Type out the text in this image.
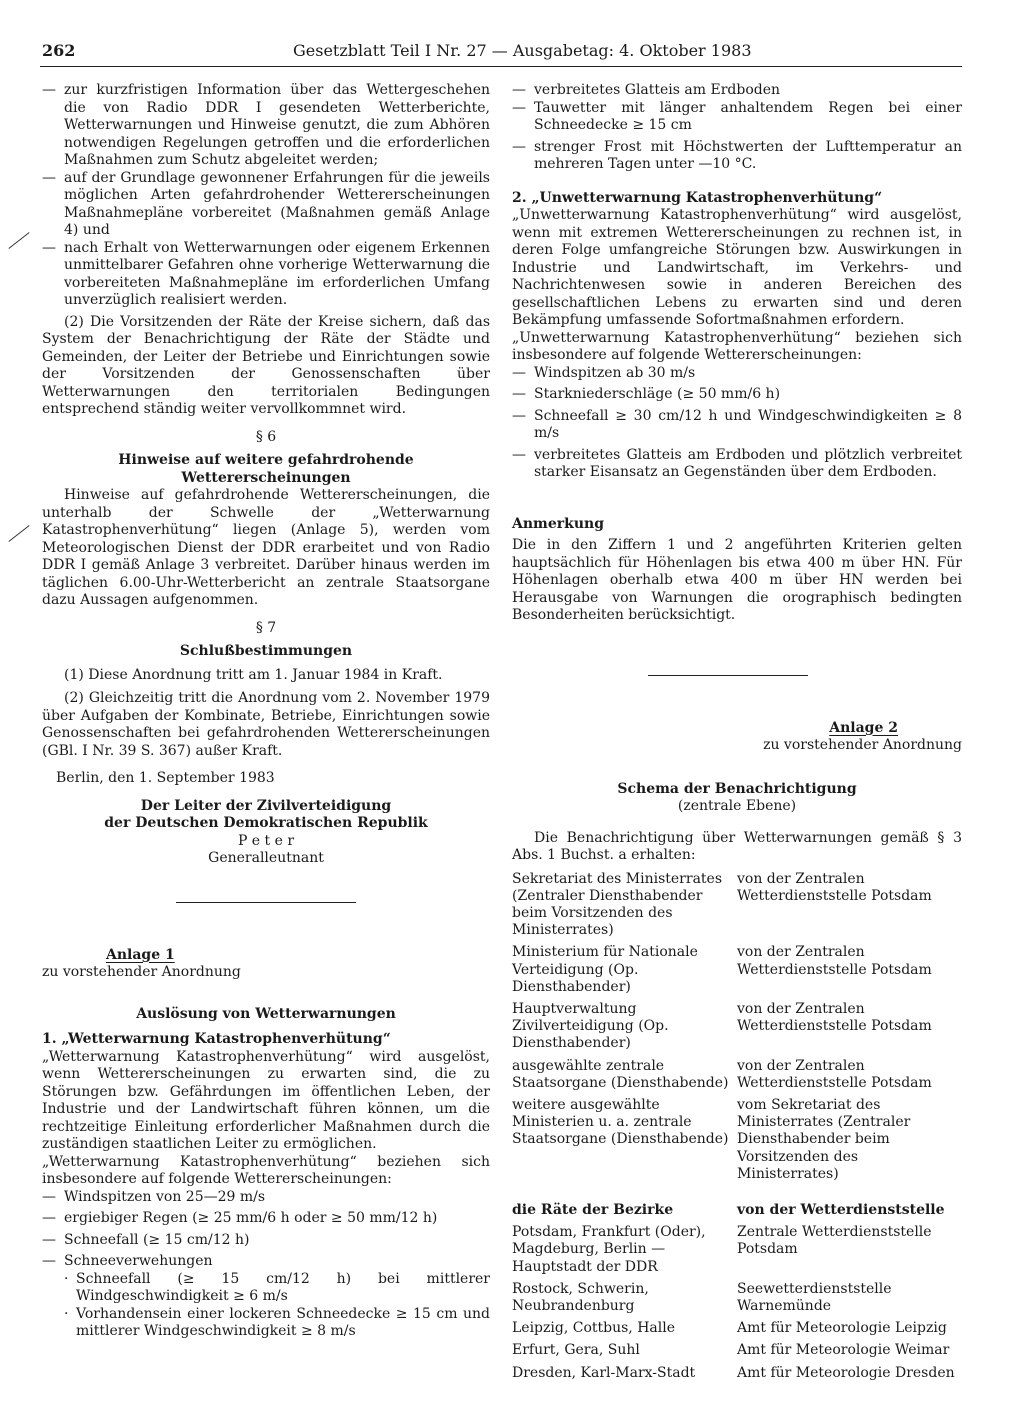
262	Gesetzblatt Teil I Nr. 27 — Ausgabetag: 4. Oktober 1983
— zur kurzfristigen Information über das Wettergeschehen die von Radio DDR I gesendeten Wetterberichte, Wetterwarnungen und Hinweise genutzt, die zum Abhören notwendigen Regelungen getroffen und die erforderlichen Maßnahmen zum Schutz abgeleitet werden;
— auf der Grundlage gewonnener Erfahrungen für die jeweils möglichen Arten gefahrdrohender Wettererscheinungen Maßnahmepläne vorbereitet (Maßnahmen gemäß Anlage 4) und
— nach Erhalt von Wetterwarnungen oder eigenem Erkennen unmittelbarer Gefahren ohne vorherige Wetterwarnung die vorbereiteten Maßnahmepläne im erforderlichen Umfang unverzüglich realisiert werden.

(2) Die Vorsitzenden der Räte der Kreise sichern, daß das System der Benachrichtigung der Räte der Städte und Gemeinden, der Leiter der Betriebe und Einrichtungen sowie der Vorsitzenden der Genossenschaften über Wetterwarnungen den territorialen Bedingungen entsprechend ständig weiter vervollkommnet wird.

§ 6

Hinweise auf weitere gefahrdrohende Wettererscheinungen

Hinweise auf gefahrdrohende Wettererscheinungen, die unterhalb der Schwelle der „Wetterwarnung Katastrophenverhütung“ liegen (Anlage 5), werden vom Meteorologischen Dienst der DDR erarbeitet und von Radio DDR I gemäß Anlage 3 verbreitet. Darüber hinaus werden im täglichen 6.00-Uhr-Wetterbericht an zentrale Staatsorgane dazu Aussagen aufgenommen.

§ 7

Schlußbestimmungen

(1) Diese Anordnung tritt am 1. Januar 1984 in Kraft.

(2) Gleichzeitig tritt die Anordnung vom 2. November 1979 über Aufgaben der Kombinate, Betriebe, Einrichtungen sowie Genossenschaften bei gefahrdrohenden Wettererscheinungen (GBl. I Nr. 39 S. 367) außer Kraft.

Berlin, den 1. September 1983

Der Leiter der Zivilverteidigung

der Deutschen Demokratischen Republik

P e t e r

Generalleutnant

Anlage 1

zu vorstehender Anordnung

Auslösung von Wetterwarnungen

1. „Wetterwarnung Katastrophenverhütung“

„Wetterwarnung Katastrophenverhütung“ wird ausgelöst, wenn Wettererscheinungen zu erwarten sind, die zu Störungen bzw. Gefährdungen im öffentlichen Leben, der Industrie und der Landwirtschaft führen können, um die rechtzeitige Einleitung erforderlicher Maßnahmen durch die zuständigen staatlichen Leiter zu ermöglichen.

„Wetterwarnung Katastrophenverhütung“ beziehen sich insbesondere auf folgende Wettererscheinungen:

— Windspitzen von 25—29 m/s
— ergiebiger Regen (≥ 25 mm/6 h oder ≥ 50 mm/12 h)
— Schneefall (≥ 15 cm/12 h)
— Schneeverwehungen
· Schneefall (≥ 15 cm/12 h) bei mittlerer Windgeschwindigkeit ≥ 6 m/s
· Vorhandensein einer lockeren Schneedecke ≥ 15 cm und mittlerer Windgeschwindigkeit ≥ 8 m/s
— verbreitetes Glatteis am Erdboden
— Tauwetter mit länger anhaltendem Regen bei einer Schneedecke ≥ 15 cm
— strenger Frost mit Höchstwerten der Lufttemperatur an mehreren Tagen unter —10 °C.

2. „Unwetterwarnung Katastrophenverhütung“

„Unwetterwarnung Katastrophenverhütung“ wird ausgelöst, wenn mit extremen Wettererscheinungen zu rechnen ist, in deren Folge umfangreiche Störungen bzw. Auswirkungen in Industrie und Landwirtschaft, im Verkehrs- und Nachrichtenwesen sowie in anderen Bereichen des gesellschaftlichen Lebens zu erwarten sind und deren Bekämpfung umfassende Sofortmaßnahmen erfordern.

„Unwetterwarnung Katastrophenverhütung“ beziehen sich insbesondere auf folgende Wettererscheinungen:

— Windspitzen ab 30 m/s
— Starkniederschläge (≥ 50 mm/6 h)
— Schneefall ≥ 30 cm/12 h und Windgeschwindigkeiten ≥ 8 m/s
— verbreitetes Glatteis am Erdboden und plötzlich verbreitet starker Eisansatz an Gegenständen über dem Erdboden.

Anmerkung

Die in den Ziffern 1 und 2 angeführten Kriterien gelten hauptsächlich für Höhenlagen bis etwa 400 m über HN. Für Höhenlagen oberhalb etwa 400 m über HN werden bei Herausgabe von Warnungen die orographisch bedingten Besonderheiten berücksichtigt.

Anlage 2

zu vorstehender Anordnung

Schema der Benachrichtigung

(zentrale Ebene)

Die Benachrichtigung über Wetterwarnungen gemäß § 3 Abs. 1 Buchst. a erhalten:

Sekretariat des Ministerrates (Zentraler Diensthabender beim Vorsitzenden des Ministerrates)	von der Zentralen Wetterdienststelle Potsdam
Ministerium für Nationale Verteidigung (Op. Diensthabender)	von der Zentralen Wetterdienststelle Potsdam
Hauptverwaltung Zivilverteidigung (Op. Diensthabender)	von der Zentralen Wetterdienststelle Potsdam
ausgewählte zentrale Staatsorgane (Diensthabende)	von der Zentralen Wetterdienststelle Potsdam
weitere ausgewählte Ministerien u. a. zentrale Staatsorgane (Diensthabende)	vom Sekretariat des Ministerrates (Zentraler Diensthabender beim Vorsitzenden des Ministerrates)
die Räte der Bezirke	von der Wetterdienststelle
Potsdam, Frankfurt (Oder), Magdeburg, Berlin — Hauptstadt der DDR	Zentrale Wetterdienststelle Potsdam
Rostock, Schwerin, Neubrandenburg	Seewetterdienststelle Warnemünde
Leipzig, Cottbus, Halle	Amt für Meteorologie Leipzig
Erfurt, Gera, Suhl	Amt für Meteorologie Weimar
Dresden, Karl-Marx-Stadt	Amt für Meteorologie Dresden
